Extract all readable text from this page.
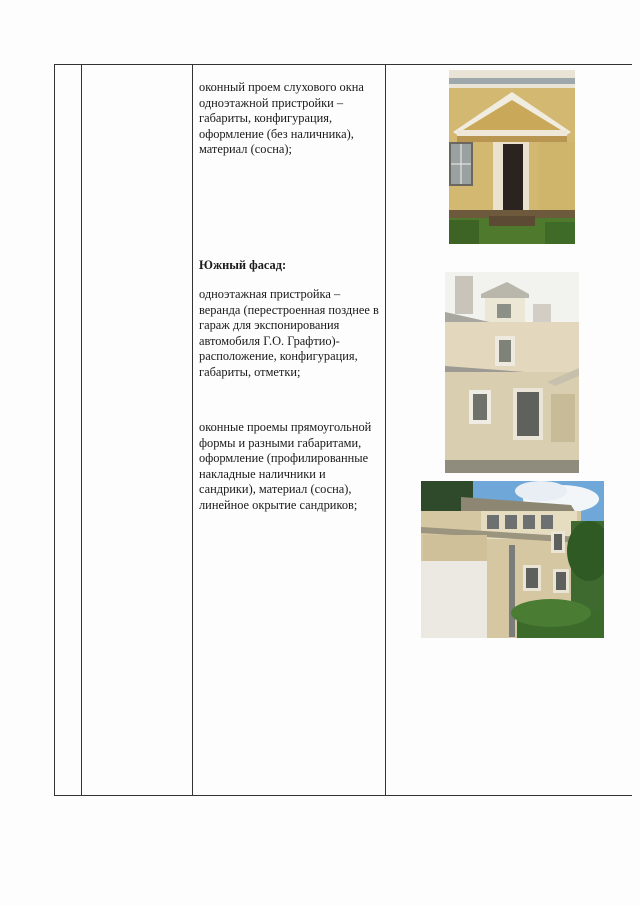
оконный проем слухового окна одноэтажной пристройки – габариты, конфигурация, оформление (без наличника), материал (сосна);
Южный фасад:
одноэтажная пристройка – веранда (перестроенная позднее в гараж для экспонирования автомобиля Г.О. Графтио)- расположение, конфигурация, габариты, отметки;
оконные проемы прямоугольной формы и разными габаритами, оформление (профилированные накладные наличники и сандрики), материал (сосна), линейное окрытие сандриков;
